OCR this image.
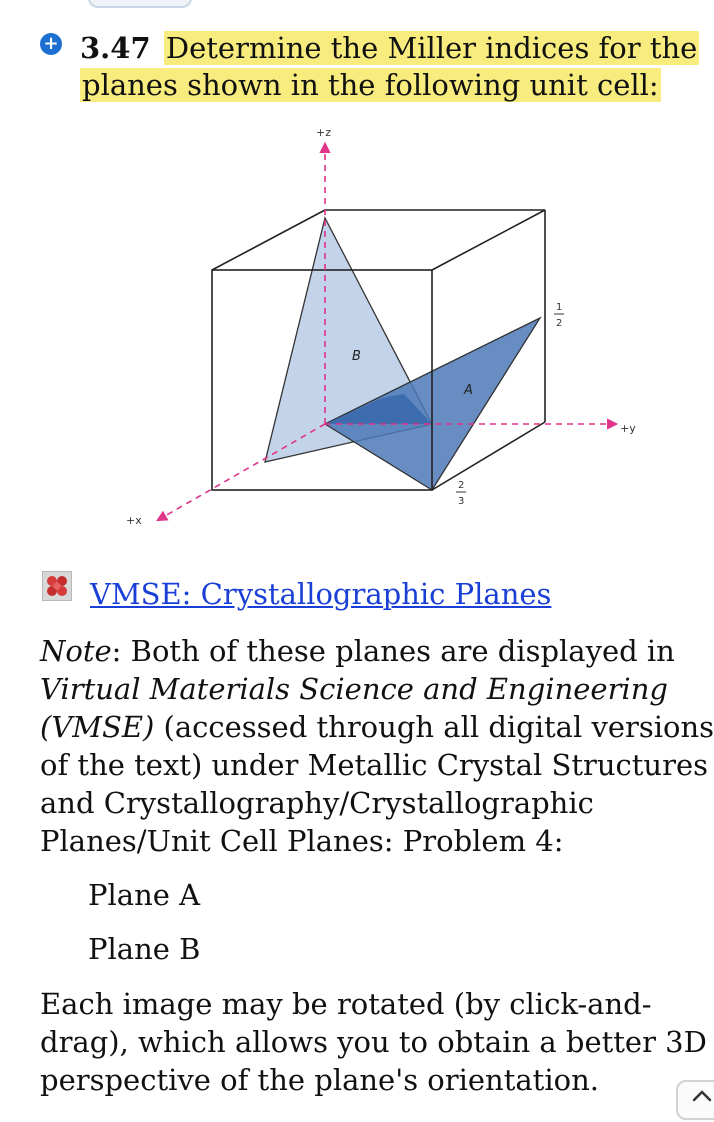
+ 3.47 Determine the Miller indices for the planes shown in the following unit cell:
+z
+y
+x
B
A
1
2
2
3
VMSE: Crystallographic Planes
Note: Both of these planes are displayed in Virtual Materials Science and Engineering (VMSE) (accessed through all digital versions of the text) under Metallic Crystal Structures and Crystallography/Crystallographic Planes/Unit Cell Planes: Problem 4:
Plane A
Plane B
Each image may be rotated (by click-and-drag), which allows you to obtain a better 3D perspective of the plane's orientation.
